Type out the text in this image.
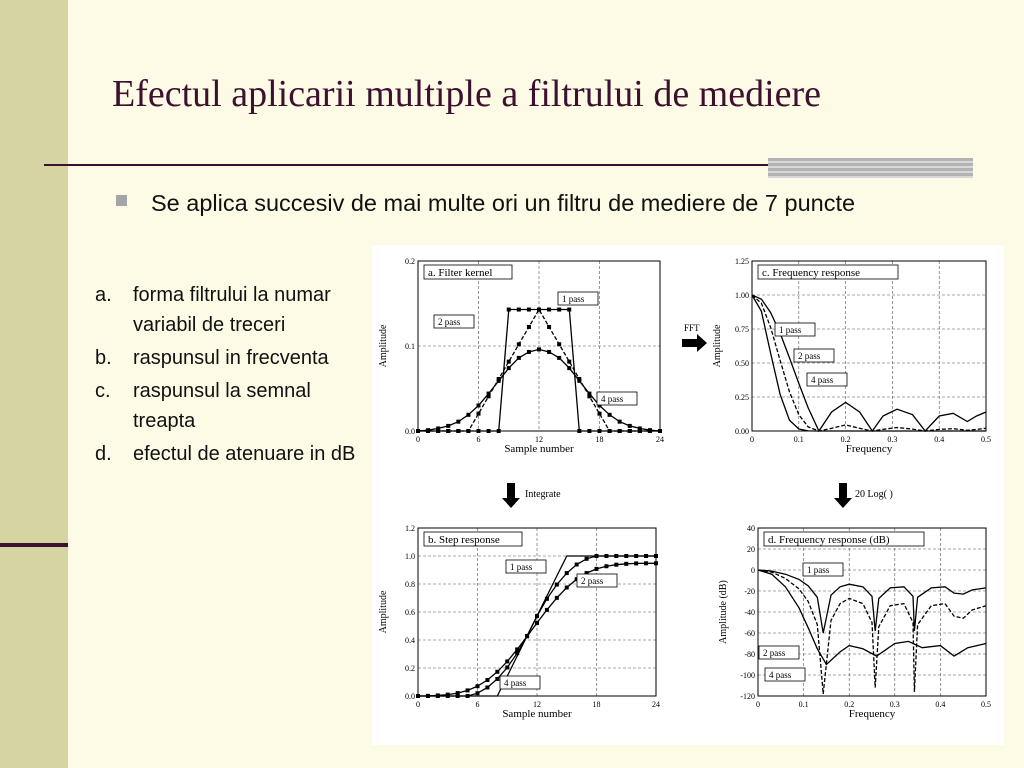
Efectul aplicarii multiple a filtrului de mediere
Se aplica succesiv de mai multe ori un filtru de mediere de 7 puncte
a. forma filtrului la numar variabil de treceri
b. raspunsul in frecventa
c. raspunsul la semnal treapta
d. efectul de atenuare in dB
FFT
Integrate	20 Log( )
0	6	12	18	24
0.0
0.1
0.2
Sample number
Amplitude
a. Filter kernel
1 pass
2 pass
4 pass
0	0.1	0.2	0.3	0.4	0.5
0.00
0.25
0.50
0.75
1.00
1.25
Frequency
Amplitude
c. Frequency response
1 pass
2 pass
4 pass
0	6	12	18	24
0.0
0.2
0.4
0.6
0.8
1.0
1.2
Sample number
Amplitude
b. Step response
1 pass
2 pass
4 pass
0	0.1	0.2	0.3	0.4	0.5
-120
-100
-80
-60
-40
-20
0
20
40
Frequency
Amplitude (dB)
d. Frequency response (dB)
1 pass
2 pass
4 pass
